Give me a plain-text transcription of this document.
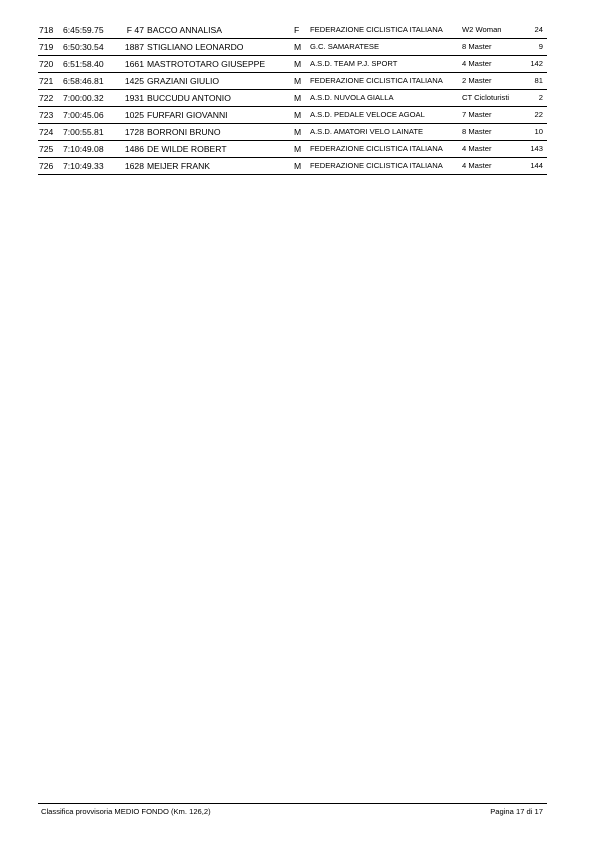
718 6:45:59.75	F 47 BACCO ANNALISA	F FEDERAZIONE CICLISTICA ITALIANA	W2 Woman	24
719 6:50:30.54	1887 STIGLIANO LEONARDO	M G.C. SAMARATESE	8 Master	9
720 6:51:58.40	1661 MASTROTOTARO GIUSEPPE	M A.S.D. TEAM P.J. SPORT	4 Master	142
721 6:58:46.81	1425 GRAZIANI GIULIO	M FEDERAZIONE CICLISTICA ITALIANA	2 Master	81
722 7:00:00.32	1931 BUCCUDU ANTONIO	M A.S.D. NUVOLA GIALLA	CT Cicloturisti	2
723 7:00:45.06	1025 FURFARI GIOVANNI	M A.S.D. PEDALE VELOCE AGOAL	7 Master	22
724 7:00:55.81	1728 BORRONI BRUNO	M A.S.D. AMATORI VELO LAINATE	8 Master	10
725 7:10:49.08	1486 DE WILDE ROBERT	M FEDERAZIONE CICLISTICA ITALIANA	4 Master	143
726 7:10:49.33	1628 MEIJER FRANK	M FEDERAZIONE CICLISTICA ITALIANA	4 Master	144
Classifica provvisoria MEDIO FONDO (Km. 126,2)	Pagina 17 di 17
